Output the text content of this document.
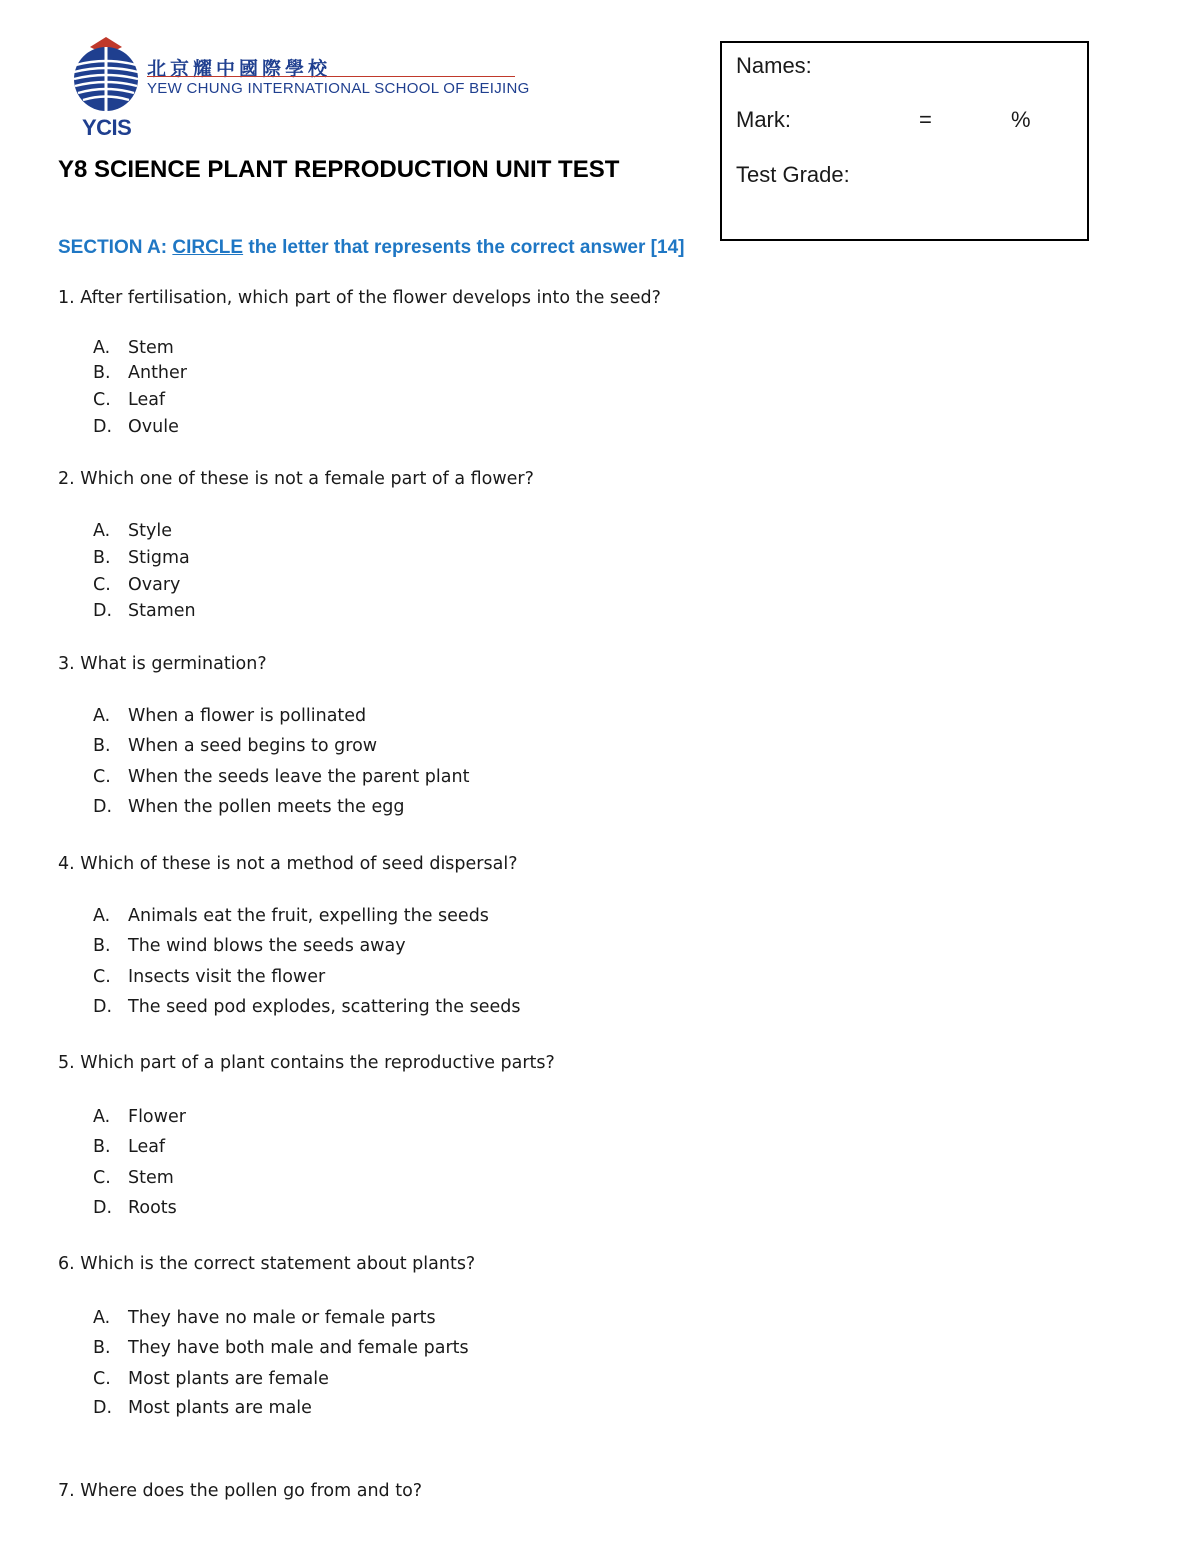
北京耀中國際學校
YEW CHUNG INTERNATIONAL SCHOOL OF BEIJING
YCIS
Y8 SCIENCE PLANT REPRODUCTION UNIT TEST
Names:
Mark:	=	%
Test Grade:
SECTION A: CIRCLE the letter that represents the correct answer [14]
1. After fertilisation, which part of the flower develops into the seed?
A. Stem
B. Anther
C. Leaf
D. Ovule
2. Which one of these is not a female part of a flower?
A. Style
B. Stigma
C. Ovary
D. Stamen
3. What is germination?
A. When a flower is pollinated
B. When a seed begins to grow
C. When the seeds leave the parent plant
D. When the pollen meets the egg
4. Which of these is not a method of seed dispersal?
A. Animals eat the fruit, expelling the seeds
B. The wind blows the seeds away
C. Insects visit the flower
D. The seed pod explodes, scattering the seeds
5. Which part of a plant contains the reproductive parts?
A. Flower
B. Leaf
C. Stem
D. Roots
6. Which is the correct statement about plants?
A. They have no male or female parts
B. They have both male and female parts
C. Most plants are female
D. Most plants are male
7. Where does the pollen go from and to?
